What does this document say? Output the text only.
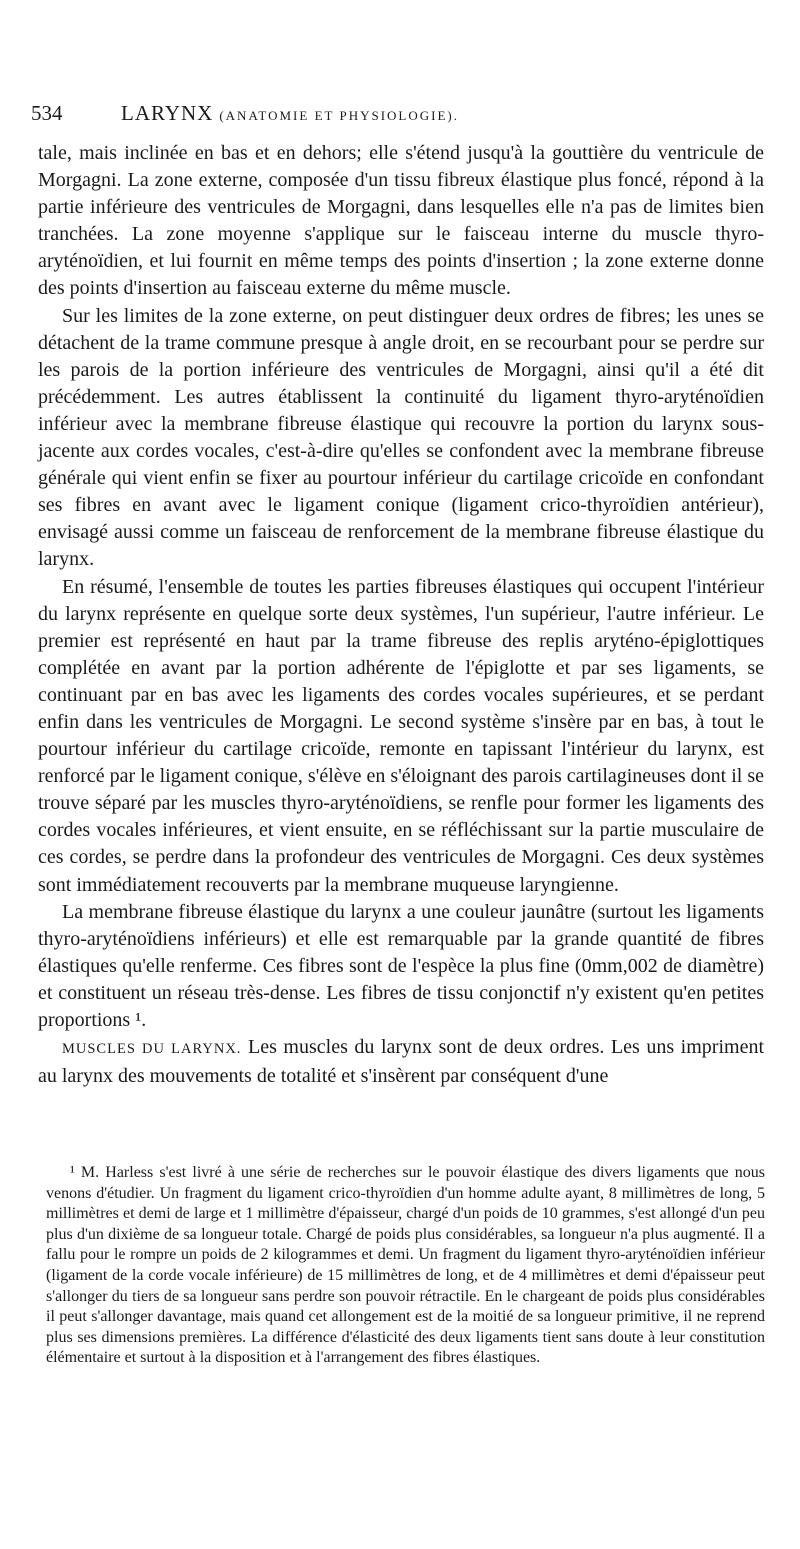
534	LARYNX (ANATOMIE ET PHYSIOLOGIE).

tale, mais inclinée en bas et en dehors; elle s'étend jusqu'à la gouttière du ventricule de Morgagni. La zone externe, composée d'un tissu fibreux élastique plus foncé, répond à la partie inférieure des ventricules de Morgagni, dans lesquelles elle n'a pas de limites bien tranchées. La zone moyenne s'applique sur le faisceau interne du muscle thyro-aryténoïdien, et lui fournit en même temps des points d'insertion ; la zone externe donne des points d'insertion au faisceau externe du même muscle.

Sur les limites de la zone externe, on peut distinguer deux ordres de fibres; les unes se détachent de la trame commune presque à angle droit, en se recourbant pour se perdre sur les parois de la portion inférieure des ventricules de Morgagni, ainsi qu'il a été dit précédemment. Les autres établissent la continuité du ligament thyro-aryténoïdien inférieur avec la membrane fibreuse élastique qui recouvre la portion du larynx sous-jacente aux cordes vocales, c'est-à-dire qu'elles se confondent avec la membrane fibreuse générale qui vient enfin se fixer au pourtour inférieur du cartilage cricoïde en confondant ses fibres en avant avec le ligament conique (ligament crico-thyroïdien antérieur), envisagé aussi comme un faisceau de renforcement de la membrane fibreuse élastique du larynx.

En résumé, l'ensemble de toutes les parties fibreuses élastiques qui occupent l'intérieur du larynx représente en quelque sorte deux systèmes, l'un supérieur, l'autre inférieur. Le premier est représenté en haut par la trame fibreuse des replis aryténo-épiglottiques complétée en avant par la portion adhérente de l'épiglotte et par ses ligaments, se continuant par en bas avec les ligaments des cordes vocales supérieures, et se perdant enfin dans les ventricules de Morgagni. Le second système s'insère par en bas, à tout le pourtour inférieur du cartilage cricoïde, remonte en tapissant l'intérieur du larynx, est renforcé par le ligament conique, s'élève en s'éloignant des parois cartilagineuses dont il se trouve séparé par les muscles thyro-aryténoïdiens, se renfle pour former les ligaments des cordes vocales inférieures, et vient ensuite, en se réfléchissant sur la partie musculaire de ces cordes, se perdre dans la profondeur des ventricules de Morgagni. Ces deux systèmes sont immédiatement recouverts par la membrane muqueuse laryngienne.

La membrane fibreuse élastique du larynx a une couleur jaunâtre (surtout les ligaments thyro-aryténoïdiens inférieurs) et elle est remarquable par la grande quantité de fibres élastiques qu'elle renferme. Ces fibres sont de l'espèce la plus fine (0mm,002 de diamètre) et constituent un réseau très-dense. Les fibres de tissu conjonctif n'y existent qu'en petites proportions ¹.

MUSCLES DU LARYNX. Les muscles du larynx sont de deux ordres. Les uns impriment au larynx des mouvements de totalité et s'insèrent par conséquent d'une

¹ M. Harless s'est livré à une série de recherches sur le pouvoir élastique des divers ligaments que nous venons d'étudier. Un fragment du ligament crico-thyroïdien d'un homme adulte ayant, 8 millimètres de long, 5 millimètres et demi de large et 1 millimètre d'épaisseur, chargé d'un poids de 10 grammes, s'est allongé d'un peu plus d'un dixième de sa longueur totale. Chargé de poids plus considérables, sa longueur n'a plus augmenté. Il a fallu pour le rompre un poids de 2 kilogrammes et demi. Un fragment du ligament thyro-aryténoïdien inférieur (ligament de la corde vocale inférieure) de 15 millimètres de long, et de 4 millimètres et demi d'épaisseur peut s'allonger du tiers de sa longueur sans perdre son pouvoir rétractile. En le chargeant de poids plus considérables il peut s'allonger davantage, mais quand cet allongement est de la moitié de sa longueur primitive, il ne reprend plus ses dimensions premières. La différence d'élasticité des deux ligaments tient sans doute à leur constitution élémentaire et surtout à la disposition et à l'arrangement des fibres élastiques.
